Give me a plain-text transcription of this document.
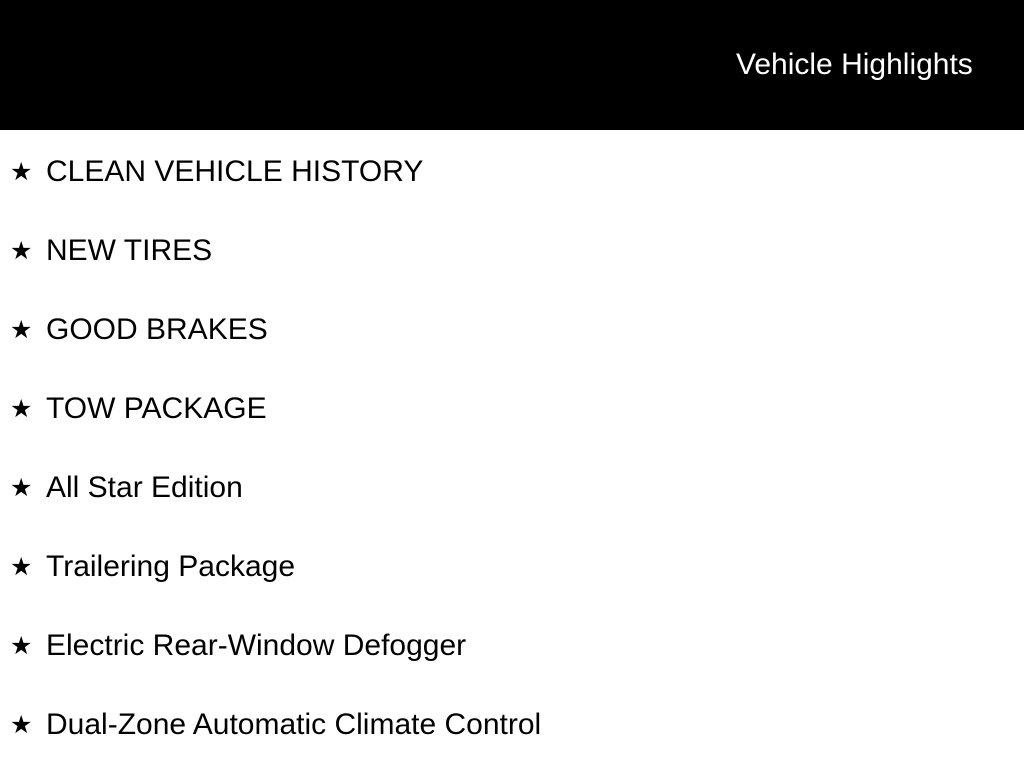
Vehicle Highlights
★ CLEAN VEHICLE HISTORY
★ NEW TIRES
★ GOOD BRAKES
★ TOW PACKAGE
★ All Star Edition
★ Trailering Package
★ Electric Rear-Window Defogger
★ Dual-Zone Automatic Climate Control
